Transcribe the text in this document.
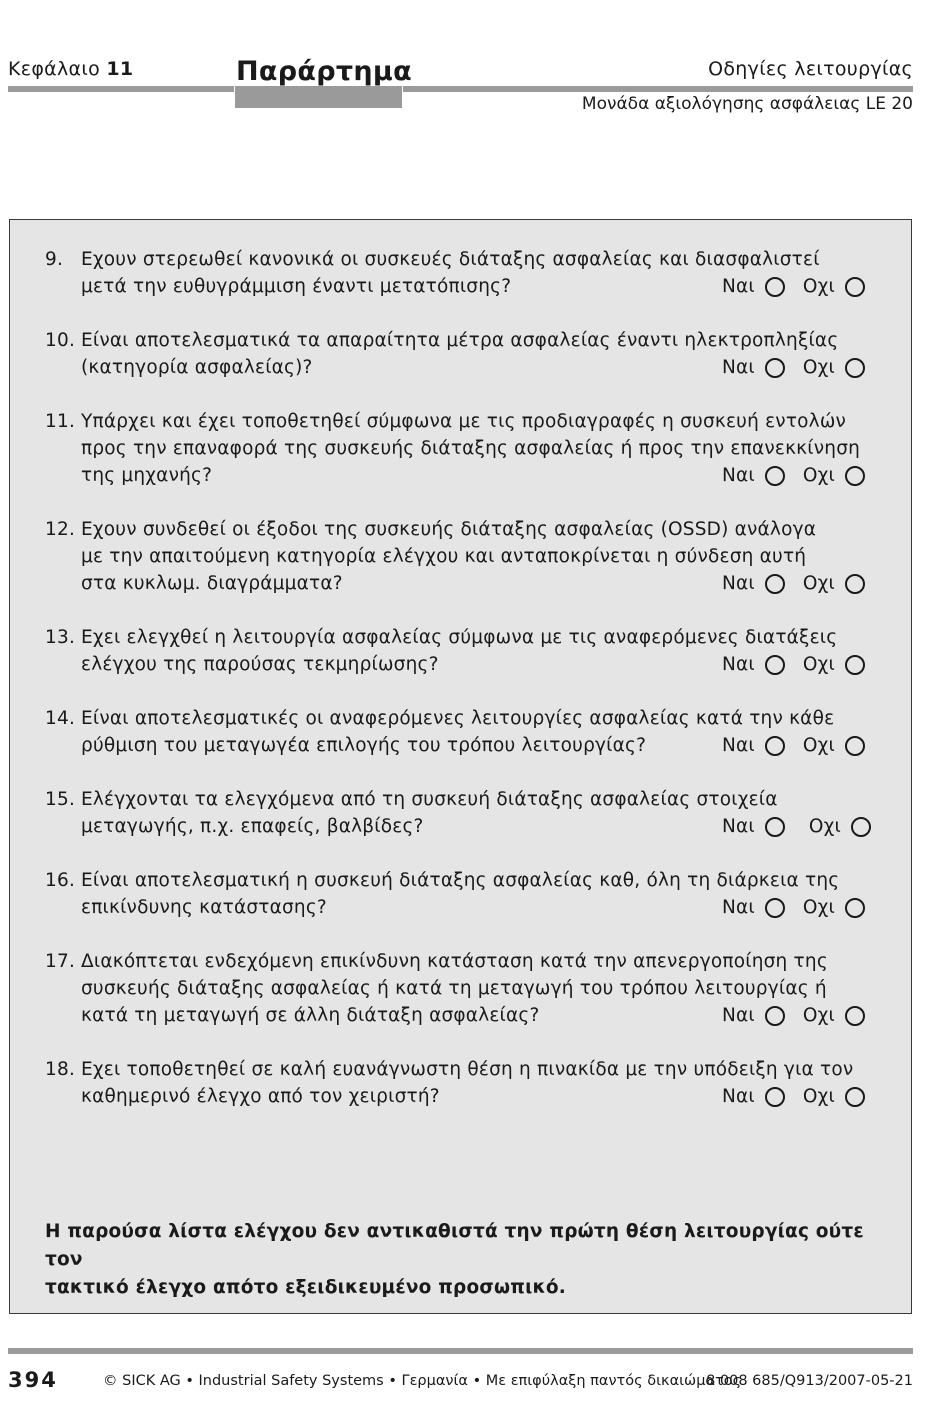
Κεφάλαιο 11	Παράρτημα	Οδηγίες λειτουργίας
Μονάδα αξιολόγησης ασφάλειας LE 20
9. Εχουν στερεωθεί κανονικά οι συσκευές διάταξης ασφαλείας και διασφαλιστεί
μετά την ευθυγράμμιση έναντι μετατόπισης?	Ναι	Οχι
10. Είναι αποτελεσματικά τα απαραίτητα μέτρα ασφαλείας έναντι ηλεκτροπληξίας
(κατηγορία ασφαλείας)?	Ναι	Οχι
11. Υπάρχει και έχει τοποθετηθεί σύμφωνα με τις προδιαγραφές η συσκευή εντολών
προς την επαναφορά της συσκευής διάταξης ασφαλείας ή προς την επανεκκίνηση
της μηχανής?	Ναι	Οχι
12. Εχουν συνδεθεί οι έξοδοι της συσκευής διάταξης ασφαλείας (OSSD) ανάλογα
με την απαιτούμενη κατηγορία ελέγχου και ανταποκρίνεται η σύνδεση αυτή
στα κυκλωμ. διαγράμματα?	Ναι	Οχι
13. Εχει ελεγχθεί η λειτουργία ασφαλείας σύμφωνα με τις αναφερόμενες διατάξεις
ελέγχου της παρούσας τεκμηρίωσης?	Ναι	Οχι
14. Είναι αποτελεσματικές οι αναφερόμενες λειτουργίες ασφαλείας κατά την κάθε
ρύθμιση του μεταγωγέα επιλογής του τρόπου λειτουργίας?	Ναι	Οχι
15. Ελέγχονται τα ελεγχόμενα από τη συσκευή διάταξης ασφαλείας στοιχεία
μεταγωγής, π.χ. επαφείς, βαλβίδες?	Ναι	Οχι
16. Είναι αποτελεσματική η συσκευή διάταξης ασφαλείας καθ, όλη τη διάρκεια της
επικίνδυνης κατάστασης?	Ναι	Οχι
17. Διακόπτεται ενδεχόμενη επικίνδυνη κατάσταση κατά την απενεργοποίηση της
συσκευής διάταξης ασφαλείας ή κατά τη μεταγωγή του τρόπου λειτουργίας ή
κατά τη μεταγωγή σε άλλη διάταξη ασφαλείας?	Ναι	Οχι
18. Εχει τοποθετηθεί σε καλή ευανάγνωστη θέση η πινακίδα με την υπόδειξη για τον
καθημερινό έλεγχο από τον χειριστή?	Ναι	Οχι
Η παρούσα λίστα ελέγχου δεν αντικαθιστά την πρώτη θέση λειτουργίας ούτε τον
τακτικό έλεγχο απότο εξειδικευμένο προσωπικό.
394	© SICK AG • Industrial Safety Systems • Γερμανία • Με επιφύλαξη παντός δικαιώματος
8 008 685/Q913/2007-05-21
